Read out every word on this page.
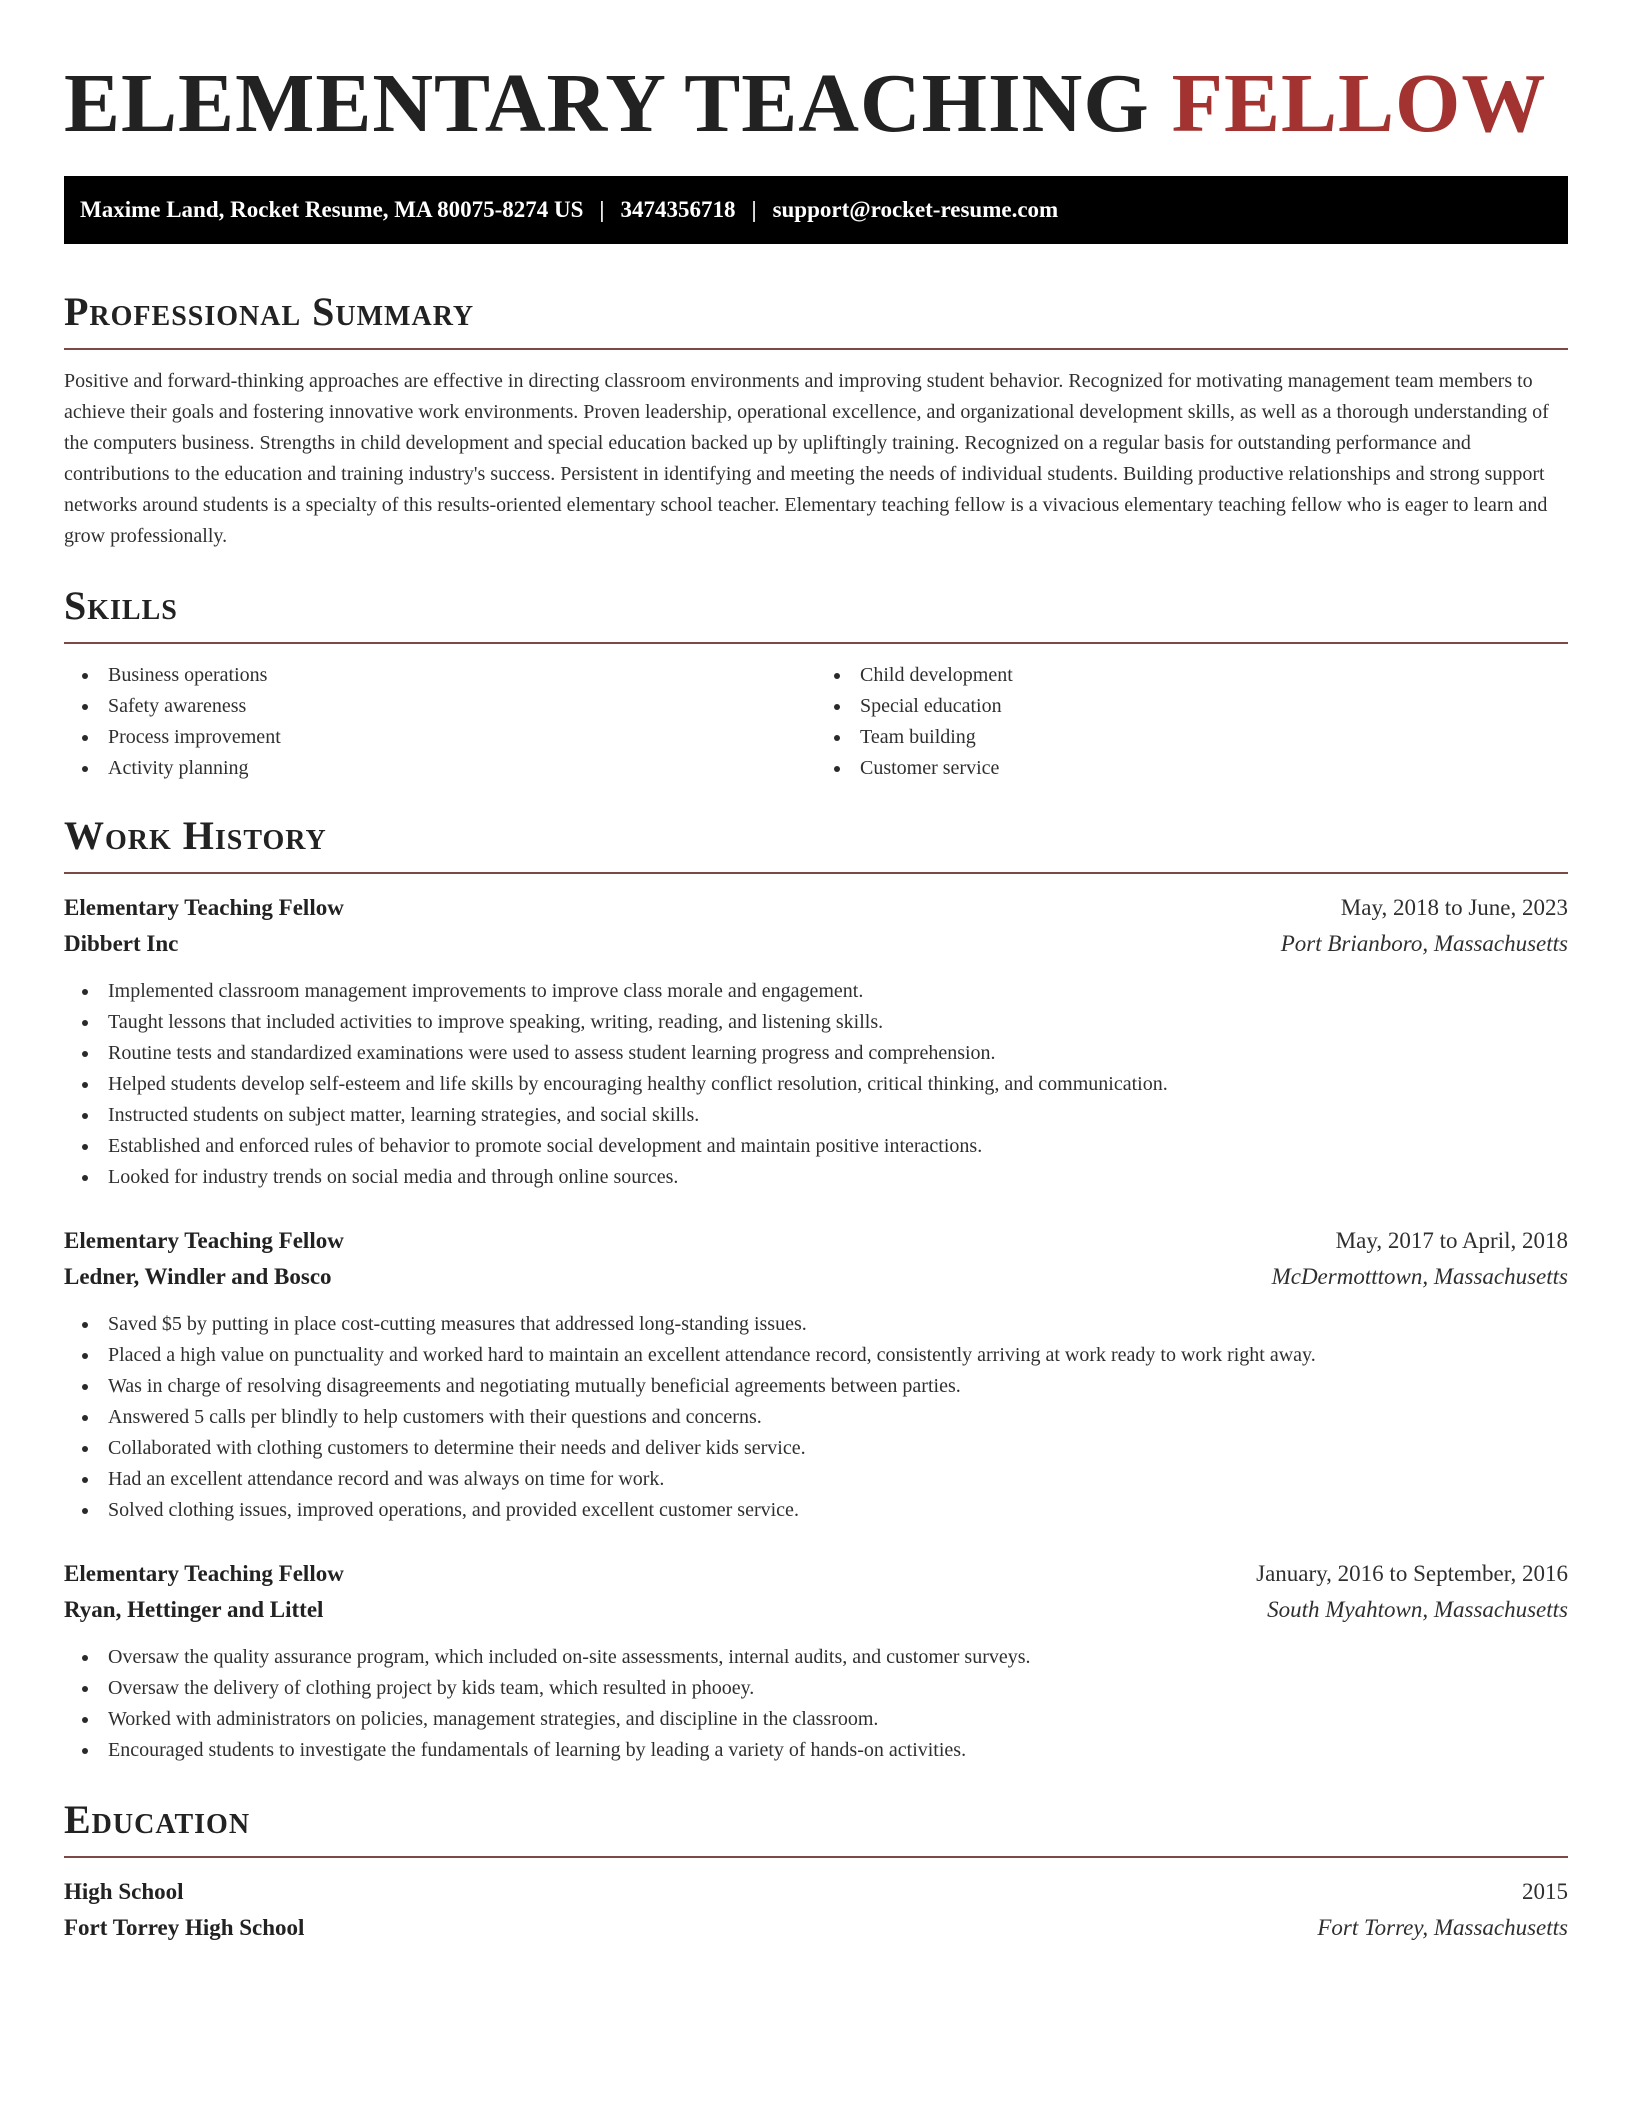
ELEMENTARY TEACHING FELLOW
Maxime Land, Rocket Resume, MA 80075-8274 US | 3474356718 | support@rocket-resume.com
Professional Summary

Positive and forward-thinking approaches are effective in directing classroom environments and improving student behavior. Recognized for motivating management team members to achieve their goals and fostering innovative work environments. Proven leadership, operational excellence, and organizational development skills, as well as a thorough understanding of the computers business. Strengths in child development and special education backed up by upliftingly training. Recognized on a regular basis for outstanding performance and contributions to the education and training industry's success. Persistent in identifying and meeting the needs of individual students. Building productive relationships and strong support networks around students is a specialty of this results-oriented elementary school teacher. Elementary teaching fellow is a vivacious elementary teaching fellow who is eager to learn and grow professionally.

Skills
Business operations
Safety awareness
Process improvement
Activity planning
Child development
Special education
Team building
Customer service
Work History
Elementary Teaching Fellow	May, 2018 to June, 2023
Dibbert Inc	Port Brianboro, Massachusetts
Implemented classroom management improvements to improve class morale and engagement.
Taught lessons that included activities to improve speaking, writing, reading, and listening skills.
Routine tests and standardized examinations were used to assess student learning progress and comprehension.
Helped students develop self-esteem and life skills by encouraging healthy conflict resolution, critical thinking, and communication.
Instructed students on subject matter, learning strategies, and social skills.
Established and enforced rules of behavior to promote social development and maintain positive interactions.
Looked for industry trends on social media and through online sources.
Elementary Teaching Fellow	May, 2017 to April, 2018
Ledner, Windler and Bosco	McDermotttown, Massachusetts
Saved $5 by putting in place cost-cutting measures that addressed long-standing issues.
Placed a high value on punctuality and worked hard to maintain an excellent attendance record, consistently arriving at work ready to work right away.
Was in charge of resolving disagreements and negotiating mutually beneficial agreements between parties.
Answered 5 calls per blindly to help customers with their questions and concerns.
Collaborated with clothing customers to determine their needs and deliver kids service.
Had an excellent attendance record and was always on time for work.
Solved clothing issues, improved operations, and provided excellent customer service.
Elementary Teaching Fellow	January, 2016 to September, 2016
Ryan, Hettinger and Littel	South Myahtown, Massachusetts
Oversaw the quality assurance program, which included on-site assessments, internal audits, and customer surveys.
Oversaw the delivery of clothing project by kids team, which resulted in phooey.
Worked with administrators on policies, management strategies, and discipline in the classroom.
Encouraged students to investigate the fundamentals of learning by leading a variety of hands-on activities.
Education
High School	2015
Fort Torrey High School	Fort Torrey, Massachusetts
